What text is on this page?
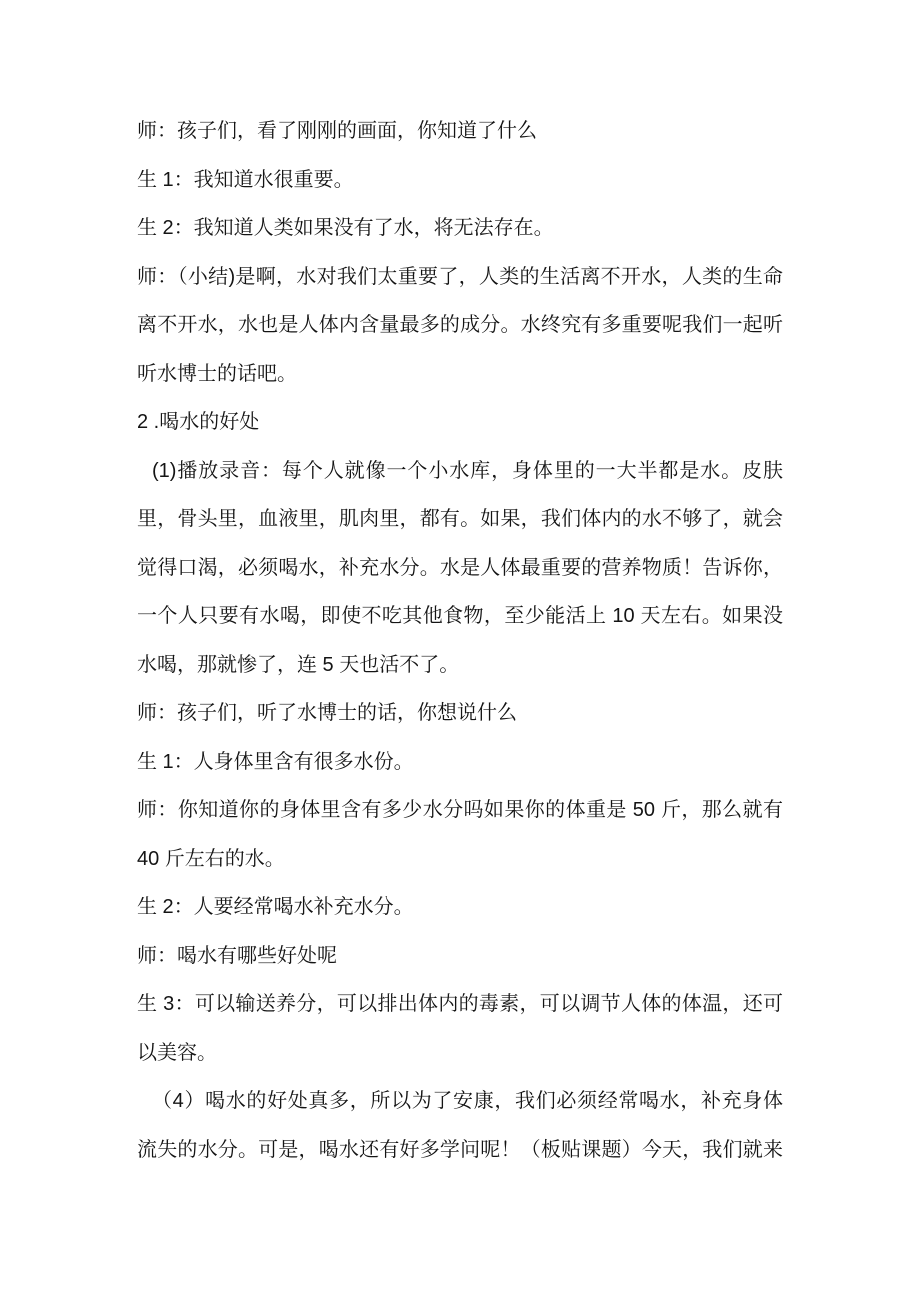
师：孩子们，看了刚刚的画面，你知道了什么
生 1：我知道水很重要。
生 2：我知道人类如果没有了水，将无法存在。
师：（小结)是啊，水对我们太重要了，人类的生活离不开水，人类的生命
离不开水，水也是人体内含量最多的成分。水终究有多重要呢我们一起听
听水博士的话吧。
2 .喝水的好处
(1)播放录音：每个人就像一个小水库，身体里的一大半都是水。皮肤
里，骨头里，血液里，肌肉里，都有。如果，我们体内的水不够了，就会
觉得口渴，必须喝水，补充水分。水是人体最重要的营养物质！告诉你，
一个人只要有水喝，即使不吃其他食物，至少能活上 10 天左右。如果没
水喝，那就惨了，连 5 天也活不了。
师：孩子们，听了水博士的话，你想说什么
生 1：人身体里含有很多水份。
师：你知道你的身体里含有多少水分吗如果你的体重是 50 斤，那么就有
40 斤左右的水。
生 2：人要经常喝水补充水分。
师：喝水有哪些好处呢
生 3：可以输送养分，可以排出体内的毒素，可以调节人体的体温，还可
以美容。
（4）喝水的好处真多，所以为了安康，我们必须经常喝水，补充身体
流失的水分。可是，喝水还有好多学问呢！（板贴课题）今天，我们就来
